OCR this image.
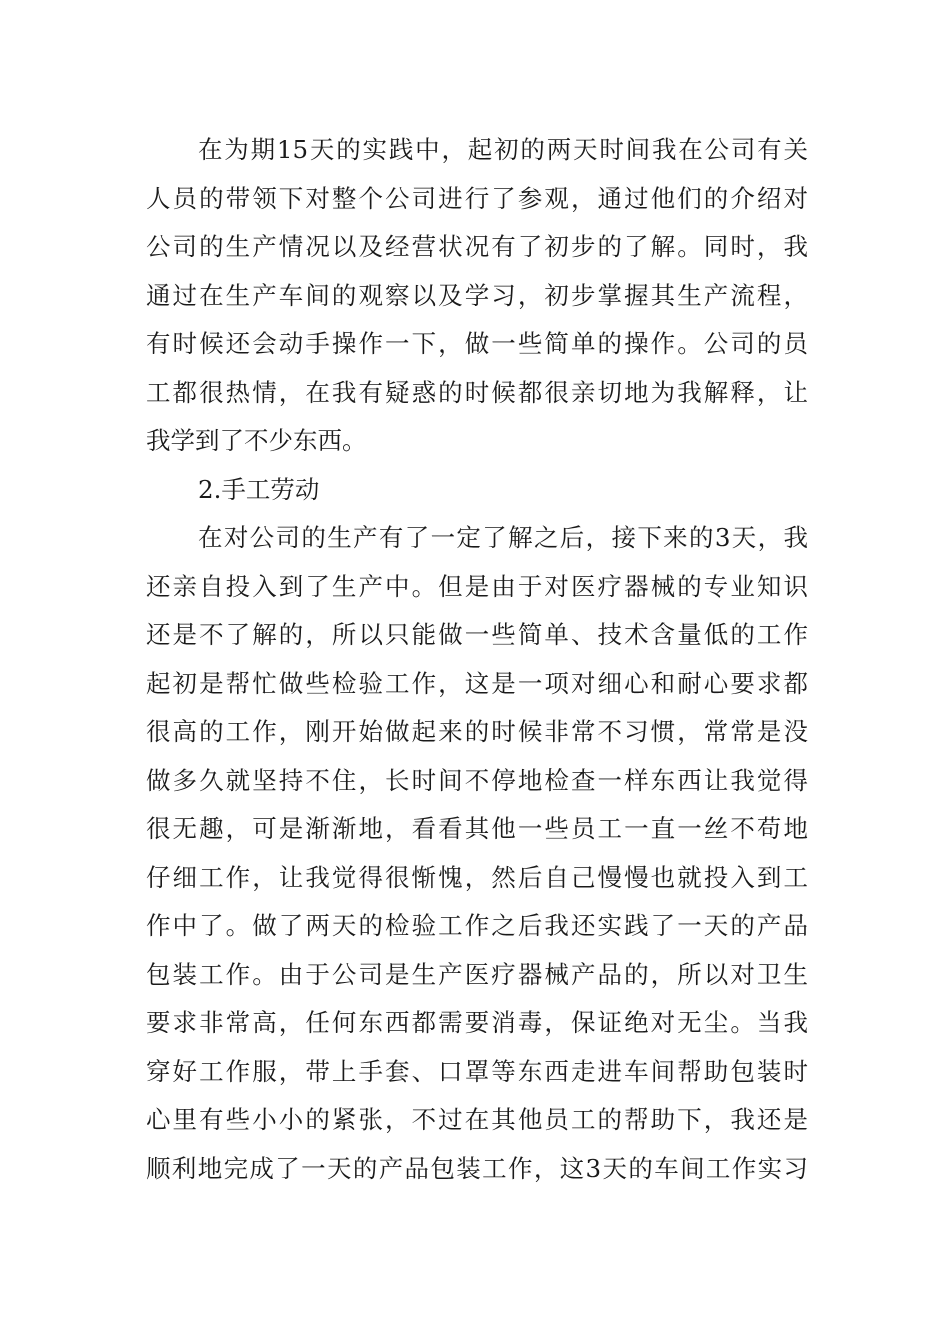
在为期15天的实践中，起初的两天时间我在公司有关
人员的带领下对整个公司进行了参观，通过他们的介绍对
公司的生产情况以及经营状况有了初步的了解。同时，我
通过在生产车间的观察以及学习，初步掌握其生产流程，
有时候还会动手操作一下，做一些简单的操作。公司的员
工都很热情，在我有疑惑的时候都很亲切地为我解释，让
我学到了不少东西。
2.手工劳动
在对公司的生产有了一定了解之后，接下来的3天，我
还亲自投入到了生产中。但是由于对医疗器械的专业知识
还是不了解的，所以只能做一些简单、技术含量低的工作
起初是帮忙做些检验工作，这是一项对细心和耐心要求都
很高的工作，刚开始做起来的时候非常不习惯，常常是没
做多久就坚持不住，长时间不停地检查一样东西让我觉得
很无趣，可是渐渐地，看看其他一些员工一直一丝不苟地
仔细工作，让我觉得很惭愧，然后自己慢慢也就投入到工
作中了。做了两天的检验工作之后我还实践了一天的产品
包装工作。由于公司是生产医疗器械产品的，所以对卫生
要求非常高，任何东西都需要消毒，保证绝对无尘。当我
穿好工作服，带上手套、口罩等东西走进车间帮助包装时
心里有些小小的紧张，不过在其他员工的帮助下，我还是
顺利地完成了一天的产品包装工作，这3天的车间工作实习
